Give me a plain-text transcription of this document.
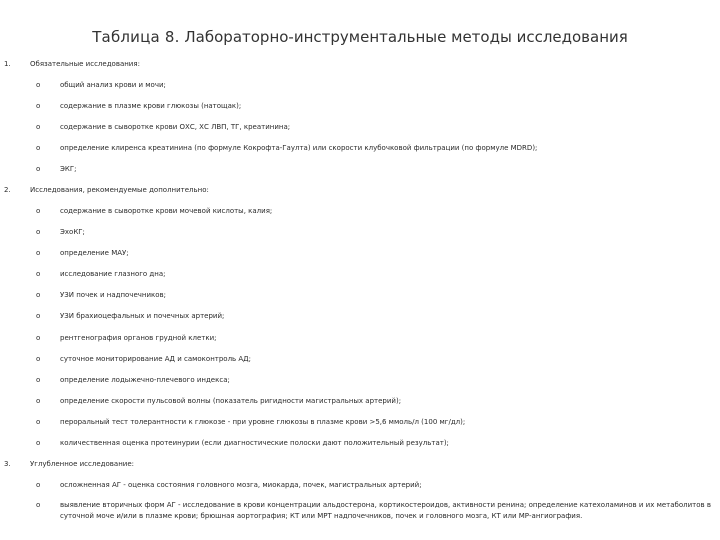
Таблица 8. Лабораторно-инструментальные методы исследования
1.	Обязательные исследования:
o	общий анализ крови и мочи;
o	содержание в плазме крови глюкозы (натощак);
o	содержание в сыворотке крови ОХС, ХС ЛВП, ТГ, креатинина;
o	определение клиренса креатинина (по формуле Кокрофта-Гаулта) или скорости клубочковой фильтрации (по формуле MDRD);
o	ЭКГ;
2.	Исследования, рекомендуемые дополнительно:
o	содержание в сыворотке крови мочевой кислоты, калия;
o	ЭхоКГ;
o	определение МАУ;
o	исследование глазного дна;
o	УЗИ почек и надпочечников;
o	УЗИ брахиоцефальных и почечных артерий;
o	рентгенография органов грудной клетки;
o	суточное мониторирование АД и самоконтроль АД;
o	определение лодыжечно-плечевого индекса;
o	определение скорости пульсовой волны (показатель ригидности магистральных артерий);
o	пероральный тест толерантности к глюкозе - при уровне глюкозы в плазме крови >5,6 ммоль/л (100 мг/дл);
o	количественная оценка протеинурии (если диагностические полоски дают положительный результат);
3.	Углубленное исследование:
o	осложненная АГ - оценка состояния головного мозга, миокарда, почек, магистральных артерий;
o	выявление вторичных форм АГ - исследование в крови концентрации альдостерона, кортикостероидов, активности ренина; определение катехоламинов и их метаболитов в суточной моче и/или в плазме крови; брюшная аортография; КТ или МРТ надпочечников, почек и головного мозга, КТ или МР-ангиография.
